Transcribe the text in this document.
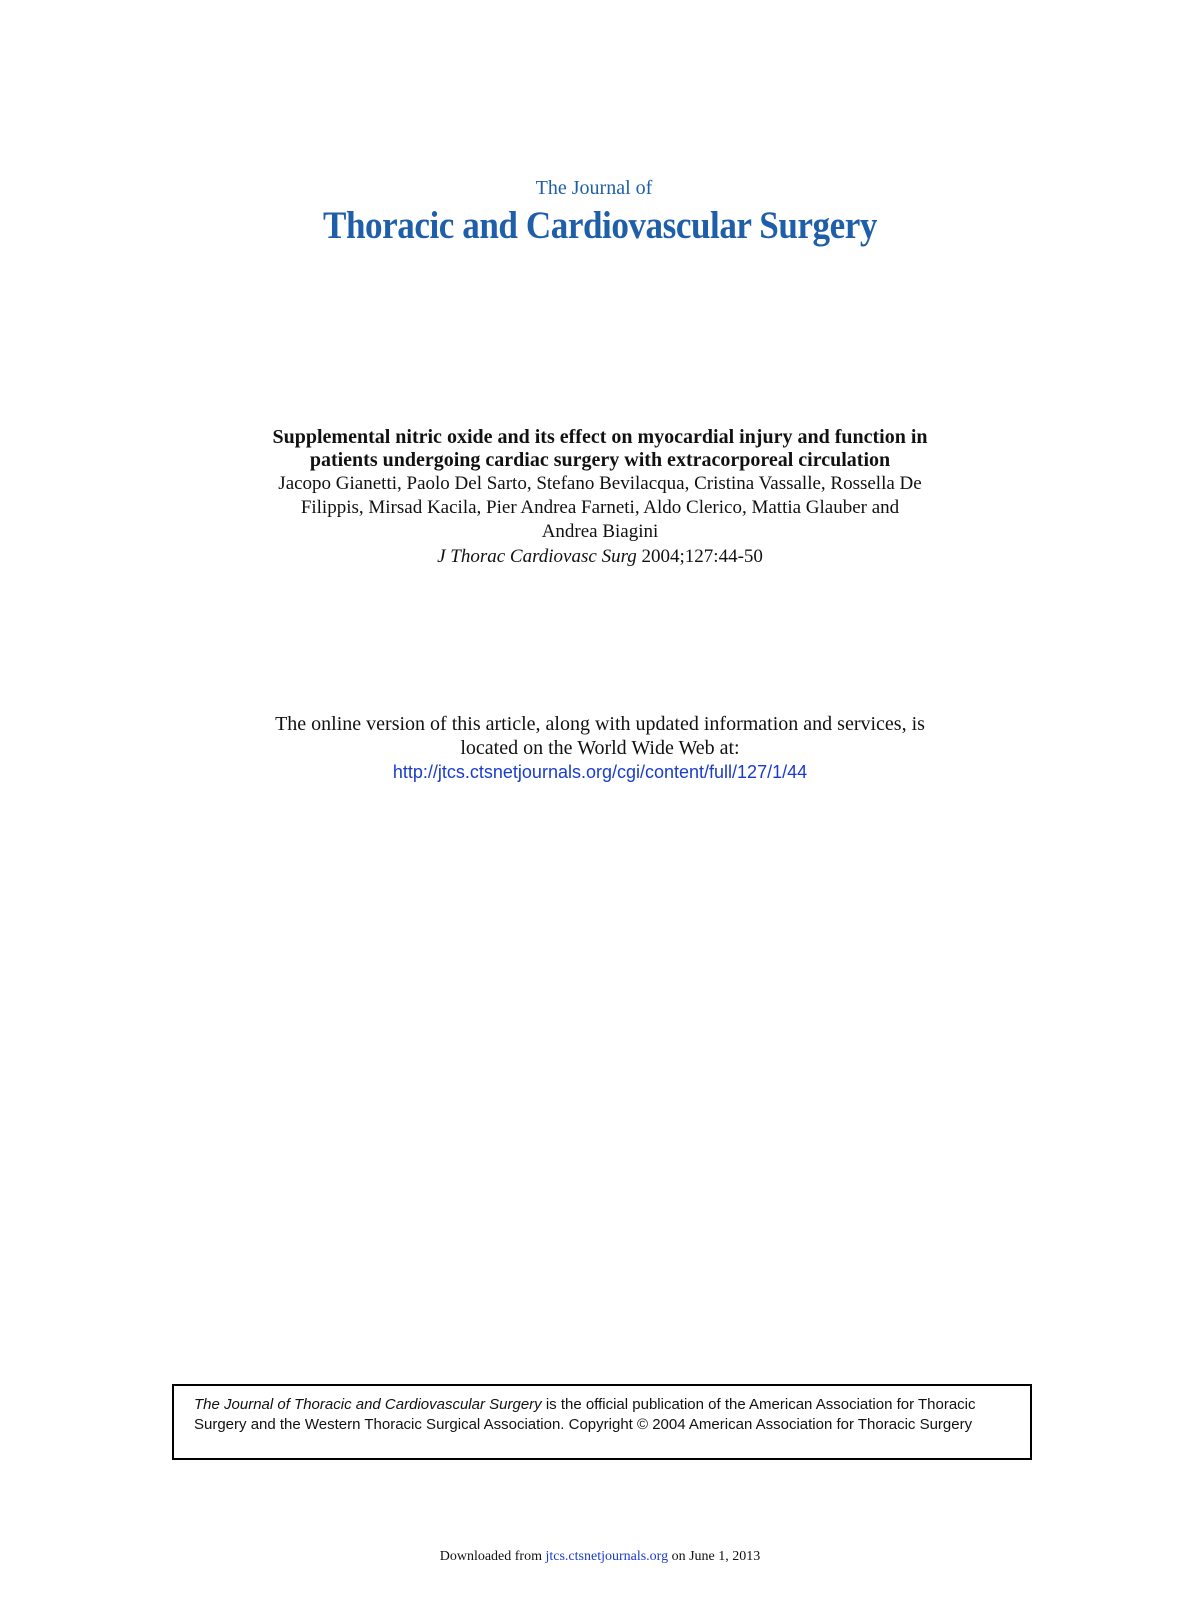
The Journal of
Thoracic and Cardiovascular Surgery

Supplemental nitric oxide and its effect on myocardial injury and function in
patients undergoing cardiac surgery with extracorporeal circulation

Jacopo Gianetti, Paolo Del Sarto, Stefano Bevilacqua, Cristina Vassalle, Rossella De
Filippis, Mirsad Kacila, Pier Andrea Farneti, Aldo Clerico, Mattia Glauber and
Andrea Biagini

J Thorac Cardiovasc Surg 2004;127:44-50

The online version of this article, along with updated information and services, is
located on the World Wide Web at:
http://jtcs.ctsnetjournals.org/cgi/content/full/127/1/44
The Journal of Thoracic and Cardiovascular Surgery is the official publication of the American Association for Thoracic Surgery and the Western Thoracic Surgical Association. Copyright © 2004 American Association for Thoracic Surgery
Downloaded from jtcs.ctsnetjournals.org on June 1, 2013
